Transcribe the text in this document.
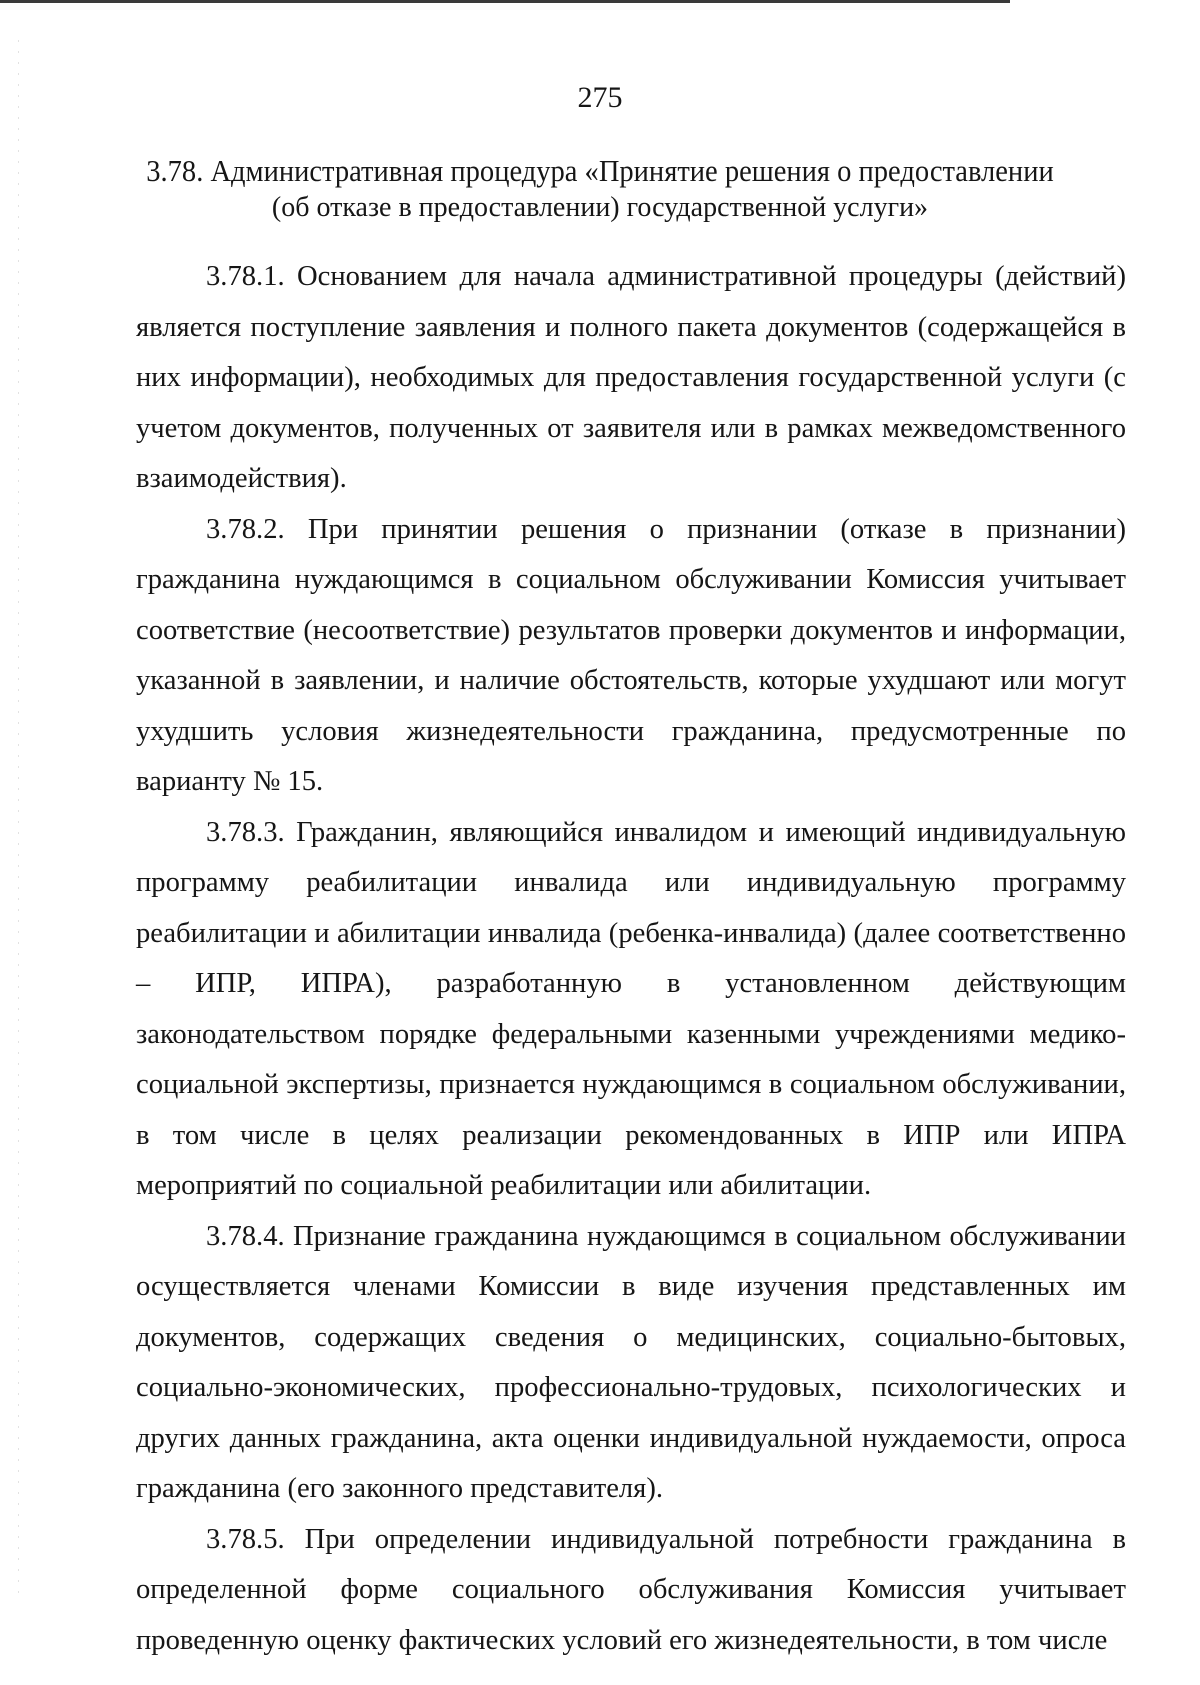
275
3.78. Административная процедура «Принятие решения о предоставлении
(об отказе в предоставлении) государственной услуги»

3.78.1. Основанием для начала административной процедуры (действий) является поступление заявления и полного пакета документов (содержащейся в них информации), необходимых для предоставления государственной услуги (с учетом документов, полученных от заявителя или в рамках межведомственного взаимодействия).

3.78.2. При принятии решения о признании (отказе в признании) гражданина нуждающимся в социальном обслуживании Комиссия учитывает соответствие (несоответствие) результатов проверки документов и информации, указанной в заявлении, и наличие обстоятельств, которые ухудшают или могут ухудшить условия жизнедеятельности гражданина, предусмотренные по варианту № 15.

3.78.3. Гражданин, являющийся инвалидом и имеющий индивидуальную программу реабилитации инвалида или индивидуальную программу реабилитации и абилитации инвалида (ребенка-инвалида) (далее соответственно – ИПР, ИПРА), разработанную в установленном действующим законодательством порядке федеральными казенными учреждениями медико-социальной экспертизы, признается нуждающимся в социальном обслуживании, в том числе в целях реализации рекомендованных в ИПР или ИПРА мероприятий по социальной реабилитации или абилитации.

3.78.4. Признание гражданина нуждающимся в социальном обслуживании осуществляется членами Комиссии в виде изучения представленных им документов, содержащих сведения о медицинских, социально-бытовых, социально-экономических, профессионально-трудовых, психологических и других данных гражданина, акта оценки индивидуальной нуждаемости, опроса гражданина (его законного представителя).

3.78.5. При определении индивидуальной потребности гражданина в определенной форме социального обслуживания Комиссия учитывает проведенную оценку фактических условий его жизнедеятельности, в том числе
